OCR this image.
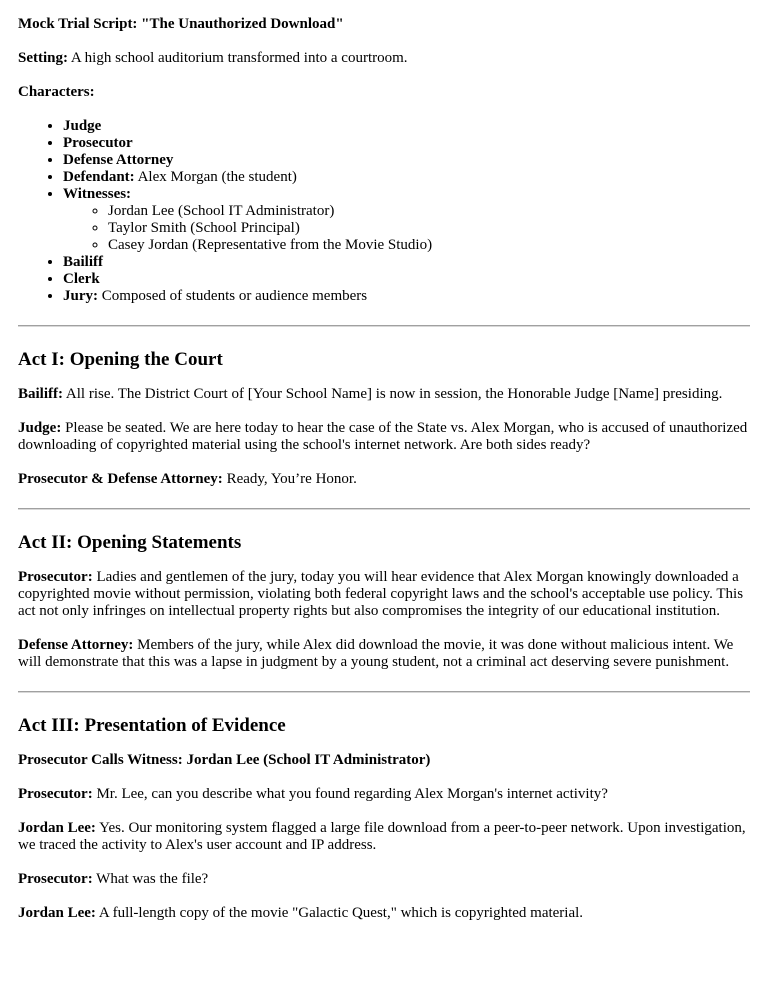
Mock Trial Script: "The Unauthorized Download"

Setting: A high school auditorium transformed into a courtroom.

Characters:

• Judge
• Prosecutor
• Defense Attorney
• Defendant: Alex Morgan (the student)
• Witnesses:
◦ Jordan Lee (School IT Administrator)
◦ Taylor Smith (School Principal)
◦ Casey Jordan (Representative from the Movie Studio)
• Bailiff
• Clerk
• Jury: Composed of students or audience members
Act I: Opening the Court

Bailiff: All rise. The District Court of [Your School Name] is now in session, the Honorable Judge [Name] presiding.

Judge: Please be seated. We are here today to hear the case of the State vs. Alex Morgan, who is accused of unauthorized downloading of copyrighted material using the school's internet network. Are both sides ready?

Prosecutor & Defense Attorney: Ready, You’re Honor.

Act II: Opening Statements

Prosecutor: Ladies and gentlemen of the jury, today you will hear evidence that Alex Morgan knowingly downloaded a copyrighted movie without permission, violating both federal copyright laws and the school's acceptable use policy. This act not only infringes on intellectual property rights but also compromises the integrity of our educational institution.

Defense Attorney: Members of the jury, while Alex did download the movie, it was done without malicious intent. We will demonstrate that this was a lapse in judgment by a young student, not a criminal act deserving severe punishment.

Act III: Presentation of Evidence

Prosecutor Calls Witness: Jordan Lee (School IT Administrator)

Prosecutor: Mr. Lee, can you describe what you found regarding Alex Morgan's internet activity?

Jordan Lee: Yes. Our monitoring system flagged a large file download from a peer-to-peer network. Upon investigation, we traced the activity to Alex's user account and IP address.

Prosecutor: What was the file?

Jordan Lee: A full-length copy of the movie "Galactic Quest," which is copyrighted material.
